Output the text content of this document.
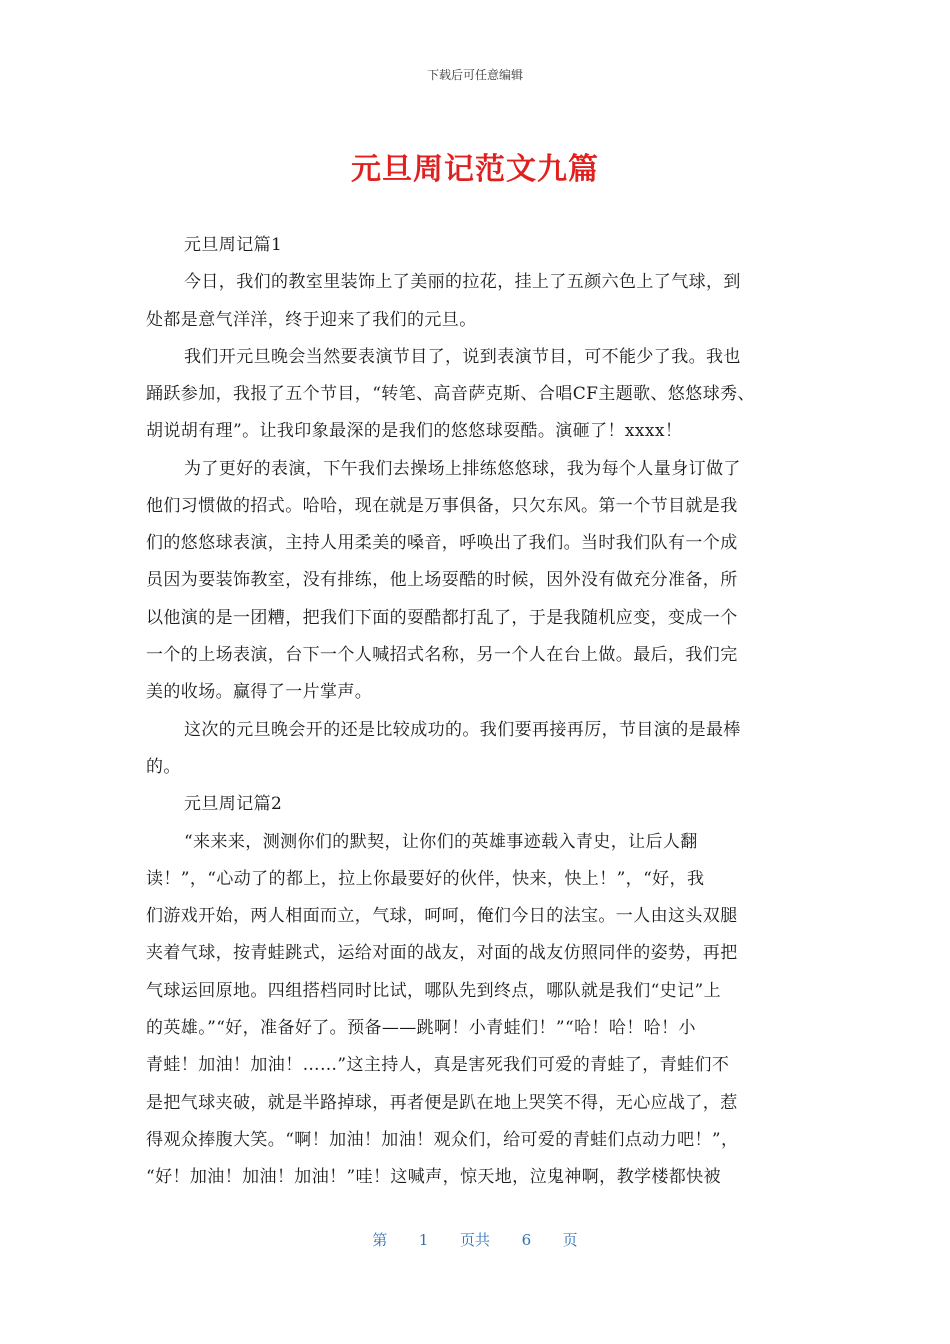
下载后可任意编辑
元旦周记范文九篇
元旦周记篇1
今日，我们的教室里装饰上了美丽的拉花，挂上了五颜六色上了气球，到
处都是意气洋洋，终于迎来了我们的元旦。
我们开元旦晚会当然要表演节目了，说到表演节目，可不能少了我。我也
踊跃参加，我报了五个节目，“转笔、高音萨克斯、合唱CF主题歌、悠悠球秀、
胡说胡有理”。让我印象最深的是我们的悠悠球耍酷。演砸了！xxxx！
为了更好的表演，下午我们去操场上排练悠悠球，我为每个人量身订做了
他们习惯做的招式。哈哈，现在就是万事俱备，只欠东风。第一个节目就是我
们的悠悠球表演，主持人用柔美的嗓音，呼唤出了我们。当时我们队有一个成
员因为要装饰教室，没有排练，他上场耍酷的时候，因外没有做充分准备，所
以他演的是一团糟，把我们下面的耍酷都打乱了，于是我随机应变，变成一个
一个的上场表演，台下一个人喊招式名称，另一个人在台上做。最后，我们完
美的收场。赢得了一片掌声。
这次的元旦晚会开的还是比较成功的。我们要再接再厉，节目演的是最棒
的。
元旦周记篇2
“来来来，测测你们的默契，让你们的英雄事迹载入青史，让后人翻
读！”，“心动了的都上，拉上你最要好的伙伴，快来，快上！”，“好，我
们游戏开始，两人相面而立，气球，呵呵，俺们今日的法宝。一人由这头双腿
夹着气球，按青蛙跳式，运给对面的战友，对面的战友仿照同伴的姿势，再把
气球运回原地。四组搭档同时比试，哪队先到终点，哪队就是我们“史记”上
的英雄。”“好，准备好了。预备——跳啊！小青蛙们！”“哈！哈！哈！小
青蛙！加油！加油！……”这主持人，真是害死我们可爱的青蛙了，青蛙们不
是把气球夹破，就是半路掉球，再者便是趴在地上哭笑不得，无心应战了，惹
得观众捧腹大笑。“啊！加油！加油！观众们，给可爱的青蛙们点动力吧！”，
“好！加油！加油！加油！”哇！这喊声，惊天地，泣鬼神啊，教学楼都快被
第 1 页共 6 页
